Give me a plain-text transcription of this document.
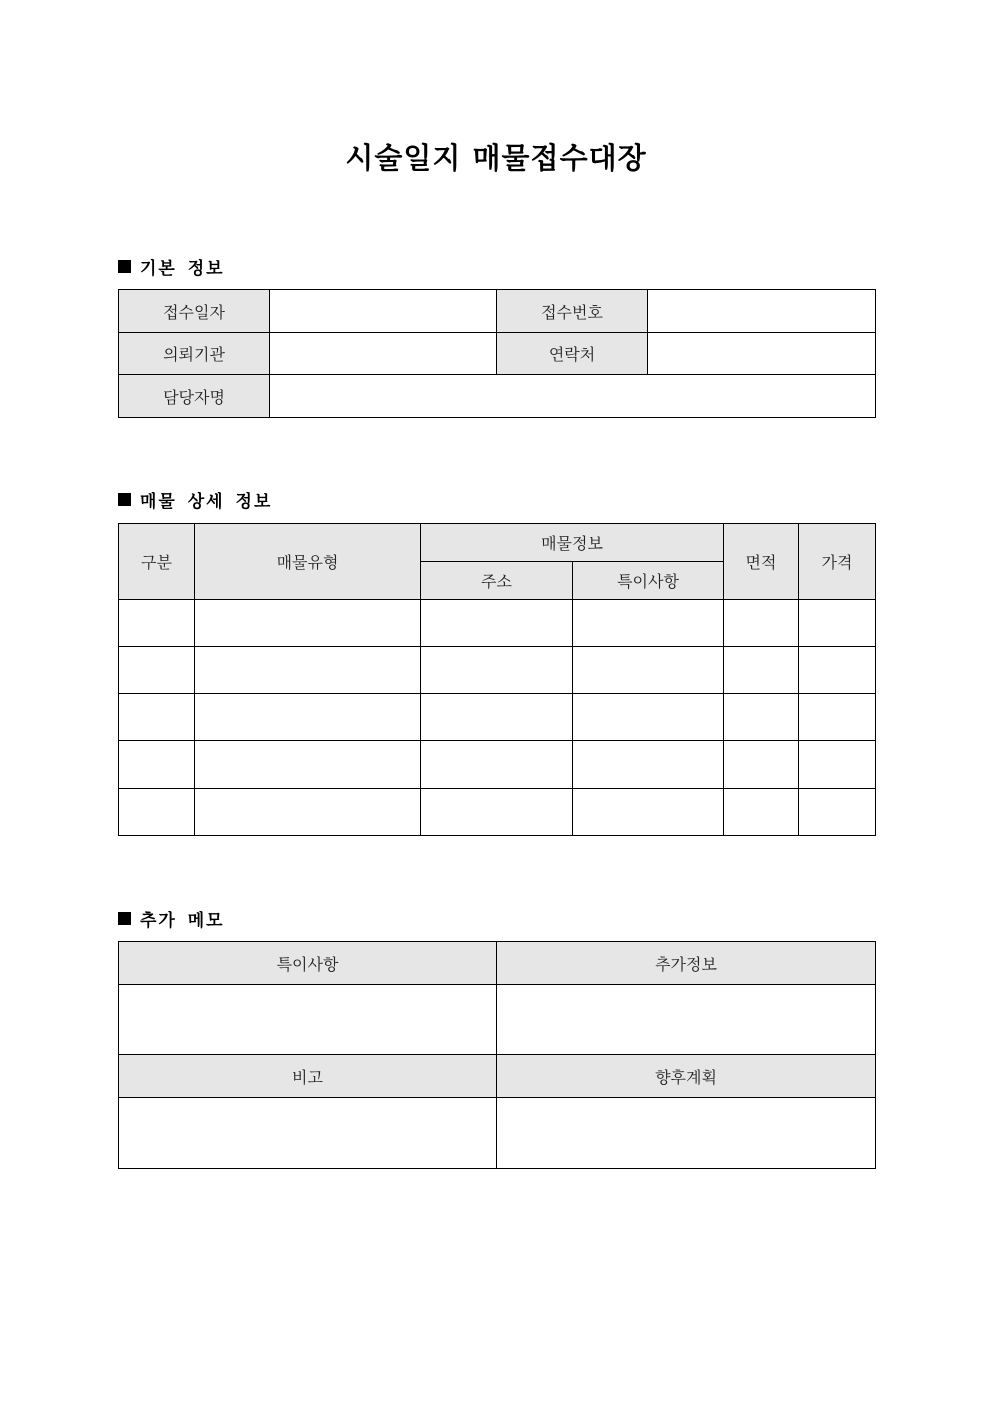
시술일지 매물접수대장
기본 정보
접수일자		접수번호	
의뢰기관		연락처	
담당자명			
매물 상세 정보
구분	매물유형	매물정보		면적	가격
		주소	특이사항		

추가 메모
특이사항	추가정보

비고	향후계획
